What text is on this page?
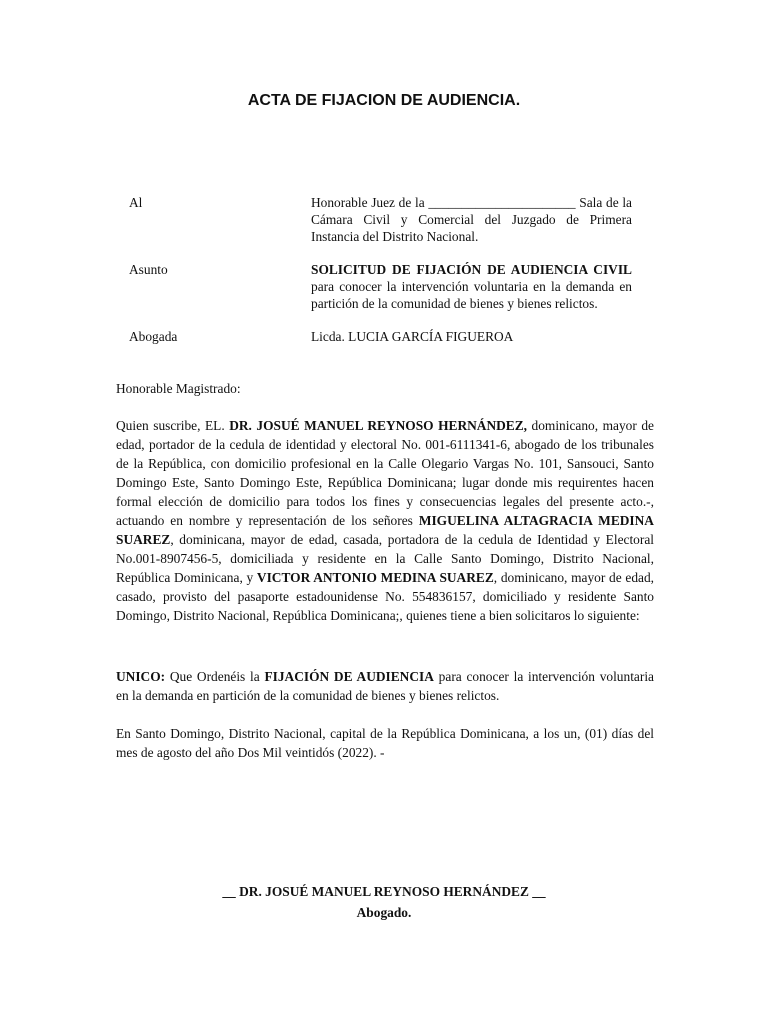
ACTA DE FIJACION DE AUDIENCIA.
Al	Honorable Juez de la ______________________ Sala de la Cámara Civil y Comercial del Juzgado de Primera Instancia del Distrito Nacional.
Asunto	SOLICITUD DE FIJACIÓN DE AUDIENCIA CIVIL para conocer la intervención voluntaria en la demanda en partición de la comunidad de bienes y bienes relictos.
Abogada	Licda. LUCIA GARCÍA FIGUEROA
Honorable Magistrado:
Quien suscribe, EL. DR. JOSUÉ MANUEL REYNOSO HERNÁNDEZ, dominicano, mayor de edad, portador de la cedula de identidad y electoral No. 001-6111341-6, abogado de los tribunales de la República, con domicilio profesional en la Calle Olegario Vargas No. 101, Sansouci, Santo Domingo Este, Santo Domingo Este, República Dominicana; lugar donde mis requirentes hacen formal elección de domicilio para todos los fines y consecuencias legales del presente acto.-, actuando en nombre y representación de los señores MIGUELINA ALTAGRACIA MEDINA SUAREZ, dominicana, mayor de edad, casada, portadora de la cedula de Identidad y Electoral No.001-8907456-5, domiciliada y residente en la Calle Santo Domingo, Distrito Nacional, República Dominicana, y VICTOR ANTONIO MEDINA SUAREZ, dominicano, mayor de edad, casado, provisto del pasaporte estadounidense No. 554836157, domiciliado y residente Santo Domingo, Distrito Nacional, República Dominicana;, quienes tiene a bien solicitaros lo siguiente:
UNICO: Que Ordenéis la FIJACIÓN DE AUDIENCIA para conocer la intervención voluntaria en la demanda en partición de la comunidad de bienes y bienes relictos.
En Santo Domingo, Distrito Nacional, capital de la República Dominicana, a los un, (01) días del mes de agosto del año Dos Mil veintidós (2022). -
__ DR. JOSUÉ MANUEL REYNOSO HERNÁNDEZ __
Abogado.
